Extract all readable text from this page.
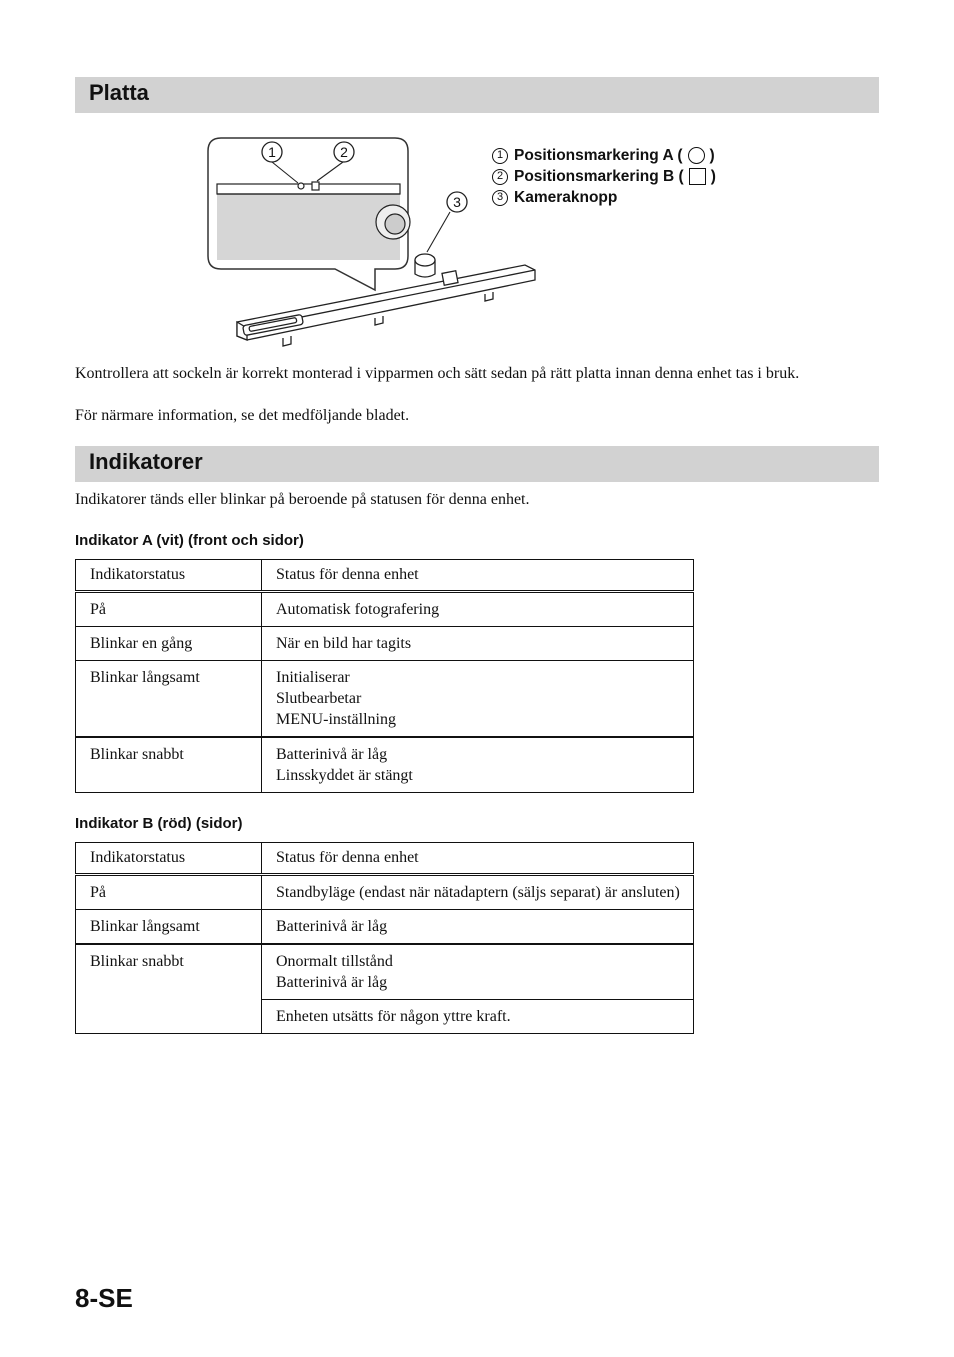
Platta
1	2
3
1 Positionsmarkering A ( )
2 Positionsmarkering B ( )
3 Kameraknopp
Kontrollera att sockeln är korrekt monterad i vipparmen och sätt sedan på rätt platta innan denna enhet tas i bruk.
För närmare information, se det medföljande bladet.
Indikatorer
Indikatorer tänds eller blinkar på beroende på statusen för denna enhet.
Indikator A (vit) (front och sidor)
Indikatorstatus	Status för denna enhet
På	Automatisk fotografering

Blinkar en gång	När en bild har tagits

Blinkar långsamt	Initialiserar
Slutbearbetar
MENU-inställning

Blinkar snabbt	Batterinivå är låg
Linsskyddet är stängt
Indikator B (röd) (sidor)
Indikatorstatus	Status för denna enhet
På	Standbyläge (endast när nätadaptern (säljs separat) är ansluten)

Blinkar långsamt	Batterinivå är låg

Blinkar snabbt	Onormalt tillstånd
Batterinivå är låg

	Enheten utsätts för någon yttre kraft.
8-SE
